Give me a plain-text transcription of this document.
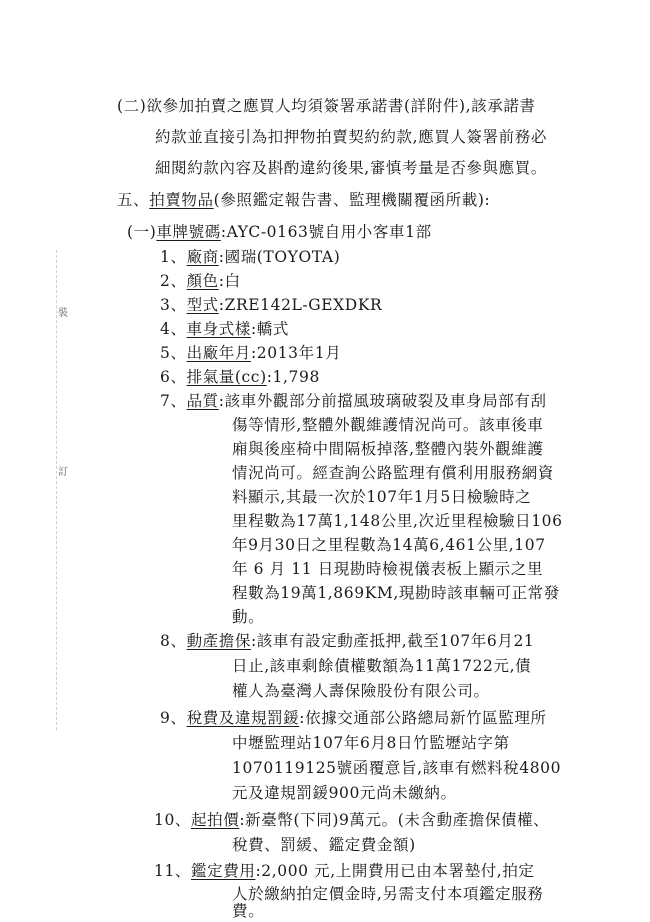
裝
訂
(二)欲參加拍賣之應買人均須簽署承諾書(詳附件),該承諾書
約款並直接引為扣押物拍賣契約約款,應買人簽署前務必
細閱約款內容及斟酌違約後果,審慎考量是否參與應買。
五、拍賣物品(參照鑑定報告書、監理機關覆函所載):
(一)車牌號碼:AYC-0163號自用小客車1部
1、廠商:國瑞(TOYOTA)
2、顏色:白
3、型式:ZRE142L-GEXDKR
4、車身式樣:轎式
5、出廠年月:2013年1月
6、排氣量(cc):1,798
7、品質:該車外觀部分前擋風玻璃破裂及車身局部有刮
傷等情形,整體外觀維護情況尚可。該車後車
廂與後座椅中間隔板掉落,整體內裝外觀維護
情況尚可。經查詢公路監理有償利用服務網資
料顯示,其最一次於107年1月5日檢驗時之
里程數為17萬1,148公里,次近里程檢驗日106
年9月30日之里程數為14萬6,461公里,107
年 6 月 11 日現勘時檢視儀表板上顯示之里
程數為19萬1,869KM,現勘時該車輛可正常發
動。
8、動產擔保:該車有設定動產抵押,截至107年6月21
日止,該車剩餘債權數額為11萬1722元,債
權人為臺灣人壽保險股份有限公司。
9、稅費及違規罰鍰:依據交通部公路總局新竹區監理所
中壢監理站107年6月8日竹監壢站字第
1070119125號函覆意旨,該車有燃料稅4800
元及違規罰鍰900元尚未繳納。
10、起拍價:新臺幣(下同)9萬元。(未含動產擔保債權、
稅費、罰緩、鑑定費金額)
11、鑑定費用:2,000 元,上開費用已由本署墊付,拍定
人於繳納拍定價金時,另需支付本項鑑定服務
費。
